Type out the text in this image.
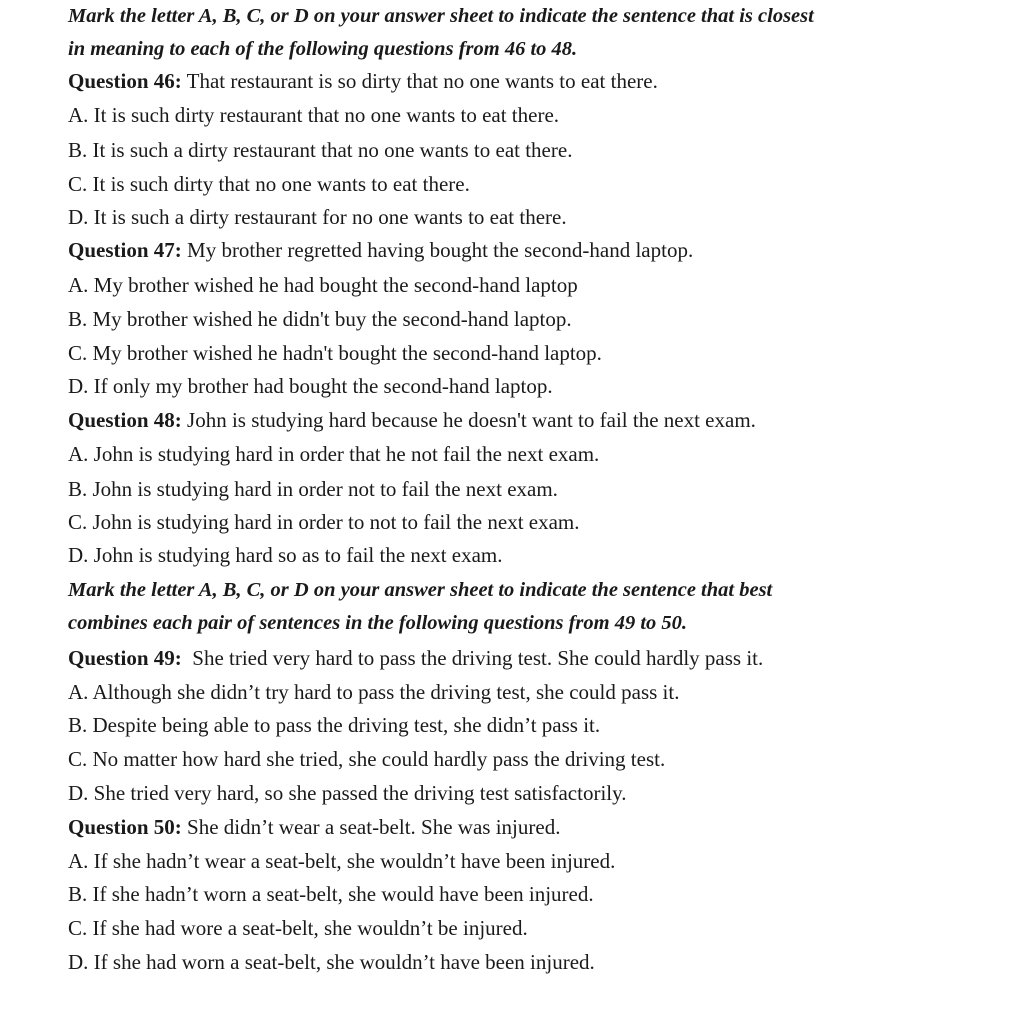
Mark the letter A, B, C, or D on your answer sheet to indicate the sentence that is closest
in meaning to each of the following questions from 46 to 48.
Question 46: That restaurant is so dirty that no one wants to eat there.
A. It is such dirty restaurant that no one wants to eat there.
B. It is such a dirty restaurant that no one wants to eat there.
C. It is such dirty that no one wants to eat there.
D. It is such a dirty restaurant for no one wants to eat there.
Question 47: My brother regretted having bought the second-hand laptop.
A. My brother wished he had bought the second-hand laptop
B. My brother wished he didn't buy the second-hand laptop.
C. My brother wished he hadn't bought the second-hand laptop.
D. If only my brother had bought the second-hand laptop.
Question 48: John is studying hard because he doesn't want to fail the next exam.
A. John is studying hard in order that he not fail the next exam.
B. John is studying hard in order not to fail the next exam.
C. John is studying hard in order to not to fail the next exam.
D. John is studying hard so as to fail the next exam.
Mark the letter A, B, C, or D on your answer sheet to indicate the sentence that best
combines each pair of sentences in the following questions from 49 to 50.
Question 49:  She tried very hard to pass the driving test. She could hardly pass it.
A. Although she didn’t try hard to pass the driving test, she could pass it.
B. Despite being able to pass the driving test, she didn’t pass it.
C. No matter how hard she tried, she could hardly pass the driving test.
D. She tried very hard, so she passed the driving test satisfactorily.
Question 50: She didn’t wear a seat-belt. She was injured.
A. If she hadn’t wear a seat-belt, she wouldn’t have been injured.
B. If she hadn’t worn a seat-belt, she would have been injured.
C. If she had wore a seat-belt, she wouldn’t be injured.
D. If she had worn a seat-belt, she wouldn’t have been injured.
